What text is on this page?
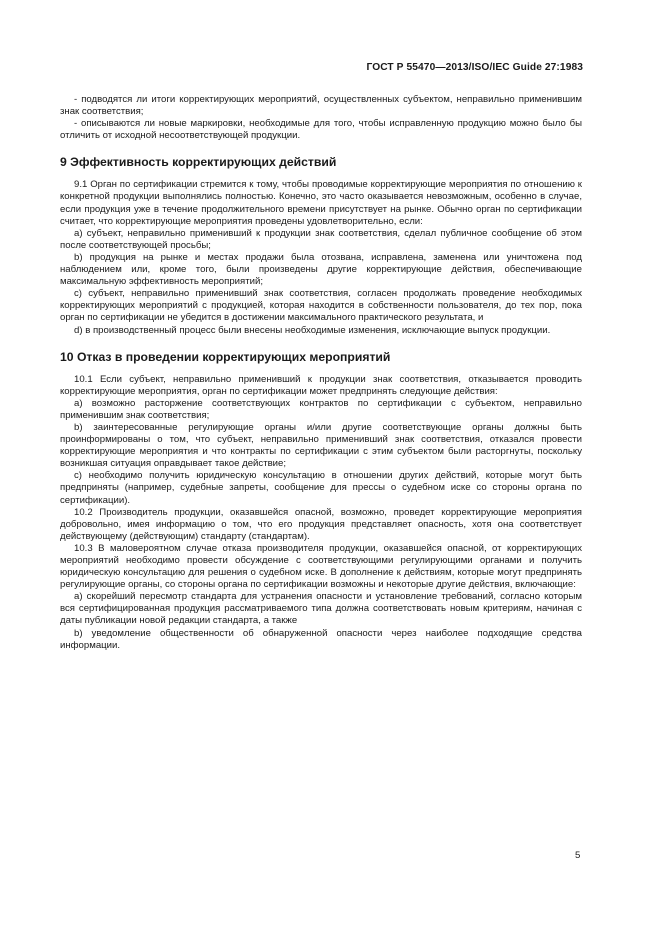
ГОСТ Р 55470—2013/ISO/IEC Guide 27:1983

- подводятся ли итоги корректирующих мероприятий, осуществленных субъектом, неправильно применившим знак соответствия;

- описываются ли новые маркировки, необходимые для того, чтобы исправленную продукцию можно было бы отличить от исходной несоответствующей продукции.

9 Эффективность корректирующих действий

9.1 Орган по сертификации стремится к тому, чтобы проводимые корректирующие мероприятия по отношению к конкретной продукции выполнялись полностью. Конечно, это часто оказывается невозможным, особенно в случае, если продукция уже в течение продолжительного времени присутствует на рынке. Обычно орган по сертификации считает, что корректирующие мероприятия проведены удовлетворительно, если:

a) субъект, неправильно применивший к продукции знак соответствия, сделал публичное сообщение об этом после соответствующей просьбы;

b) продукция на рынке и местах продажи была отозвана, исправлена, заменена или уничтожена под наблюдением или, кроме того, были произведены другие корректирующие действия, обеспечивающие максимальную эффективность мероприятий;

c) субъект, неправильно применивший знак соответствия, согласен продолжать проведение необходимых корректирующих мероприятий с продукцией, которая находится в собственности пользователя, до тех пор, пока орган по сертификации не убедится в достижении максимального практического результата, и

d) в производственный процесс были внесены необходимые изменения, исключающие выпуск продукции.

10 Отказ в проведении корректирующих мероприятий

10.1 Если субъект, неправильно применивший к продукции знак соответствия, отказывается проводить корректирующие мероприятия, орган по сертификации может предпринять следующие действия:

a) возможно расторжение соответствующих контрактов по сертификации с субъектом, неправильно применившим знак соответствия;

b) заинтересованные регулирующие органы и/или другие соответствующие органы должны быть проинформированы о том, что субъект, неправильно применивший знак соответствия, отказался провести корректирующие мероприятия и что контракты по сертификации с этим субъектом были расторгнуты, поскольку возникшая ситуация оправдывает такое действие;

c) необходимо получить юридическую консультацию в отношении других действий, которые могут быть предприняты (например, судебные запреты, сообщение для прессы о судебном иске со стороны органа по сертификации).

10.2 Производитель продукции, оказавшейся опасной, возможно, проведет корректирующие мероприятия добровольно, имея информацию о том, что его продукция представляет опасность, хотя она соответствует действующему (действующим) стандарту (стандартам).

10.3 В маловероятном случае отказа производителя продукции, оказавшейся опасной, от корректирующих мероприятий необходимо провести обсуждение с соответствующими регулирующими органами и получить юридическую консультацию для решения о судебном иске. В дополнение к действиям, которые могут предпринять регулирующие органы, со стороны органа по сертификации возможны и некоторые другие действия, включающие:

a) скорейший пересмотр стандарта для устранения опасности и установление требований, согласно которым вся сертифицированная продукция рассматриваемого типа должна соответствовать новым критериям, начиная с даты публикации новой редакции стандарта, а также

b) уведомление общественности об обнаруженной опасности через наиболее подходящие средства информации.

5
